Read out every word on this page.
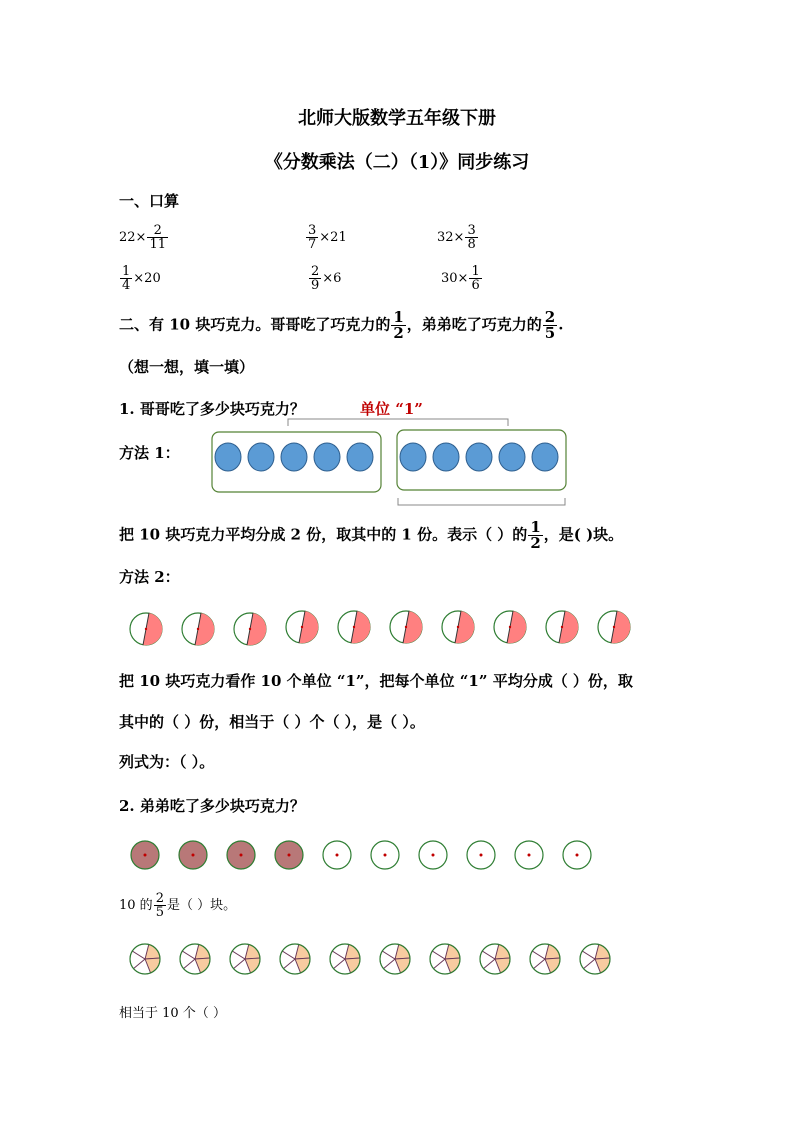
北师大版数学五年级下册
《分数乘法（二）（1）》同步练习
一、口算
$22\times \frac{2}{11}$	$\frac{3}{7} \times 21$	$32\times \frac{3}{8}$
$\frac{1}{4} \times 20$	$\frac{2}{9} \times 6$	$30\times \frac{1}{6}$
二、有 10 块巧克力。哥哥吃了巧克力的 $\frac{1}{2}$ ，弟弟吃了巧克力的 $\frac{2}{5}$ .
（想一想，填一填）
1. 哥哥吃了多少块巧克力？	单位 “1”
方法 1：
把 10 块巧克力平均分成 2 份，取其中的 1 份。表示（ ）的 $\frac{1}{2}$ ，是( )块。
方法 2：
把 10 块巧克力看作 10 个单位 “1”，把每个单位 “1” 平均分成（ ）份，取
其中的（ ）份，相当于（ ）个（ ），是（ ）。
列式为：（ ）。
2. 弟弟吃了多少块巧克力？
10 的 $\frac{2}{5}$ 是（ ）块。
相当于 10 个（ ）
